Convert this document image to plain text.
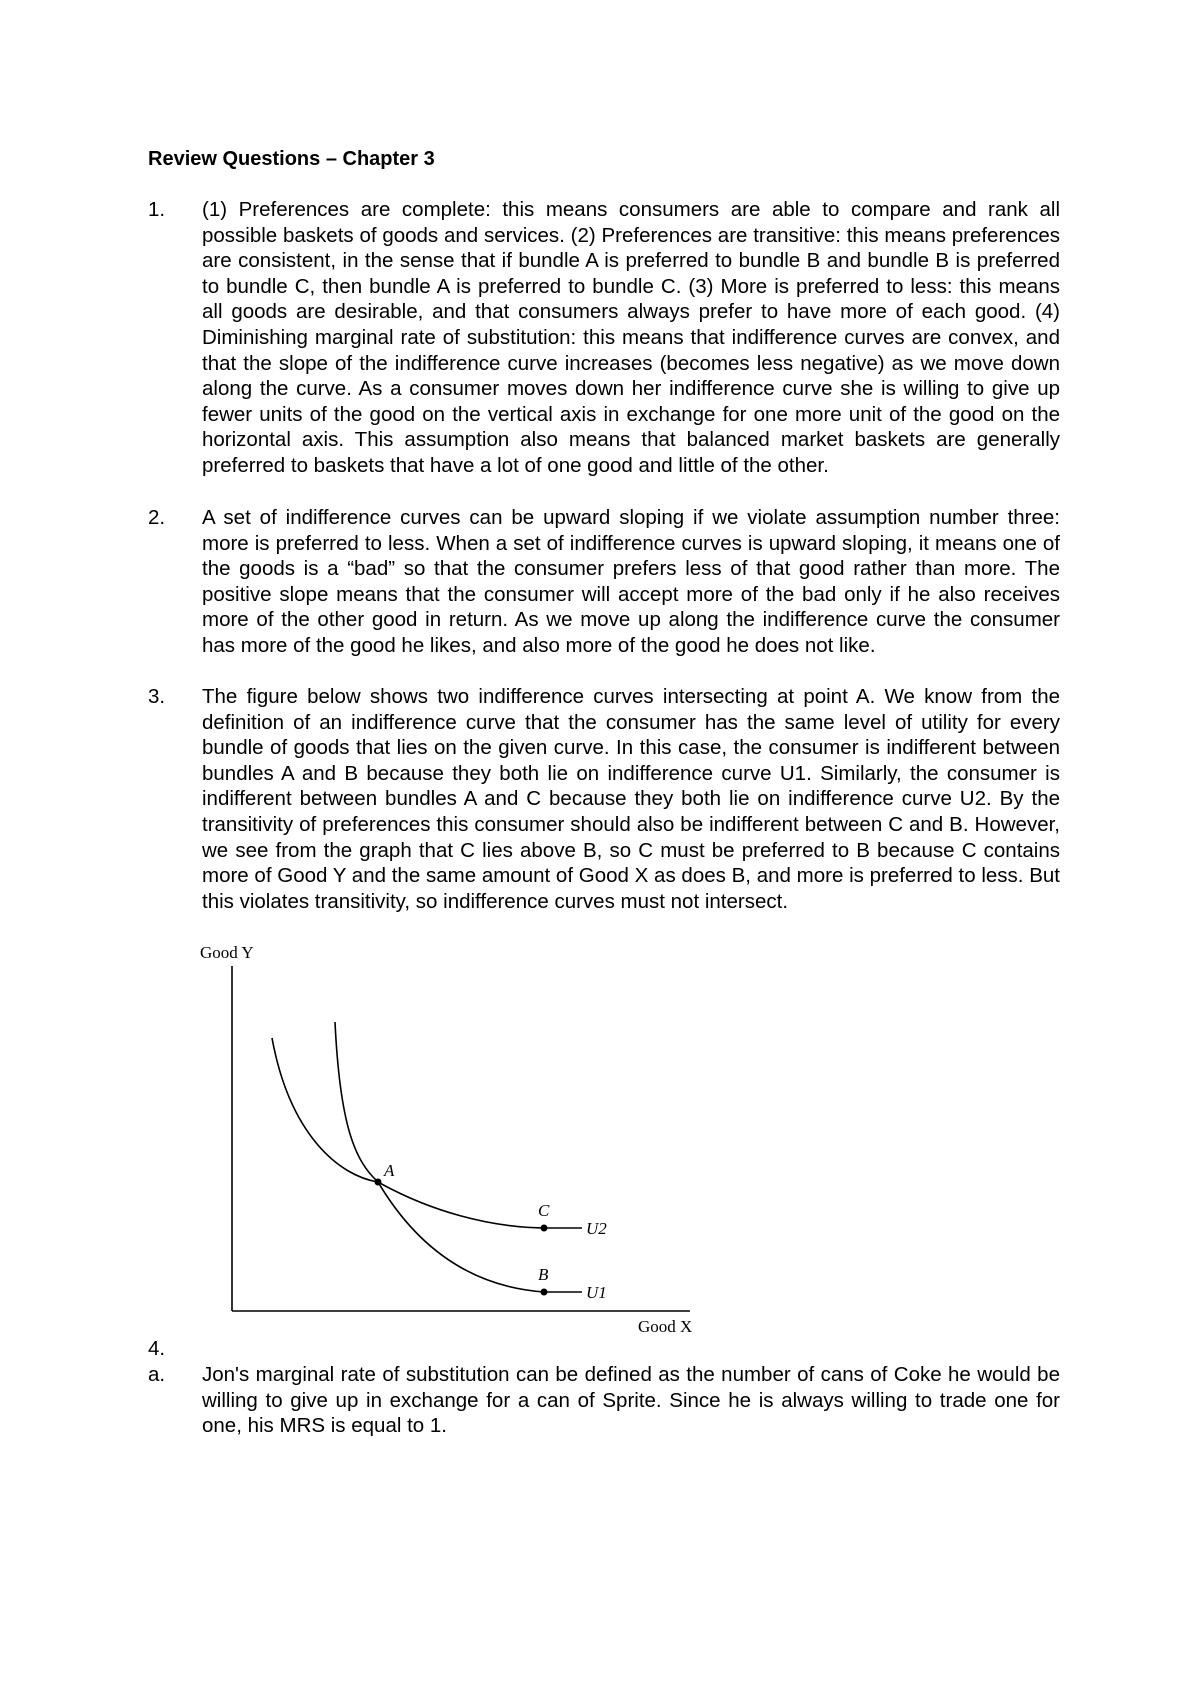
Review Questions – Chapter 3
1. (1) Preferences are complete: this means consumers are able to compare and rank all possible baskets of goods and services. (2) Preferences are transitive: this means preferences are consistent, in the sense that if bundle A is preferred to bundle B and bundle B is preferred to bundle C, then bundle A is preferred to bundle C. (3) More is preferred to less: this means all goods are desirable, and that consumers always prefer to have more of each good. (4) Diminishing marginal rate of substitution: this means that indifference curves are convex, and that the slope of the indifference curve increases (becomes less negative) as we move down along the curve. As a consumer moves down her indifference curve she is willing to give up fewer units of the good on the vertical axis in exchange for one more unit of the good on the horizontal axis. This assumption also means that balanced market baskets are generally preferred to baskets that have a lot of one good and little of the other.
2. A set of indifference curves can be upward sloping if we violate assumption number three: more is preferred to less. When a set of indifference curves is upward sloping, it means one of the goods is a “bad” so that the consumer prefers less of that good rather than more. The positive slope means that the consumer will accept more of the bad only if he also receives more of the other good in return. As we move up along the indifference curve the consumer has more of the good he likes, and also more of the good he does not like.
3. The figure below shows two indifference curves intersecting at point A. We know from the definition of an indifference curve that the consumer has the same level of utility for every bundle of goods that lies on the given curve. In this case, the consumer is indifferent between bundles A and B because they both lie on indifference curve U1. Similarly, the consumer is indifferent between bundles A and C because they both lie on indifference curve U2. By the transitivity of preferences this consumer should also be indifferent between C and B. However, we see from the graph that C lies above B, so C must be preferred to B because C contains more of Good Y and the same amount of Good X as does B, and more is preferred to less. But this violates transitivity, so indifference curves must not intersect.
Good Y
Good X
A
C
B
U2
U1
4.
a. Jon's marginal rate of substitution can be defined as the number of cans of Coke he would be willing to give up in exchange for a can of Sprite. Since he is always willing to trade one for one, his MRS is equal to 1.
